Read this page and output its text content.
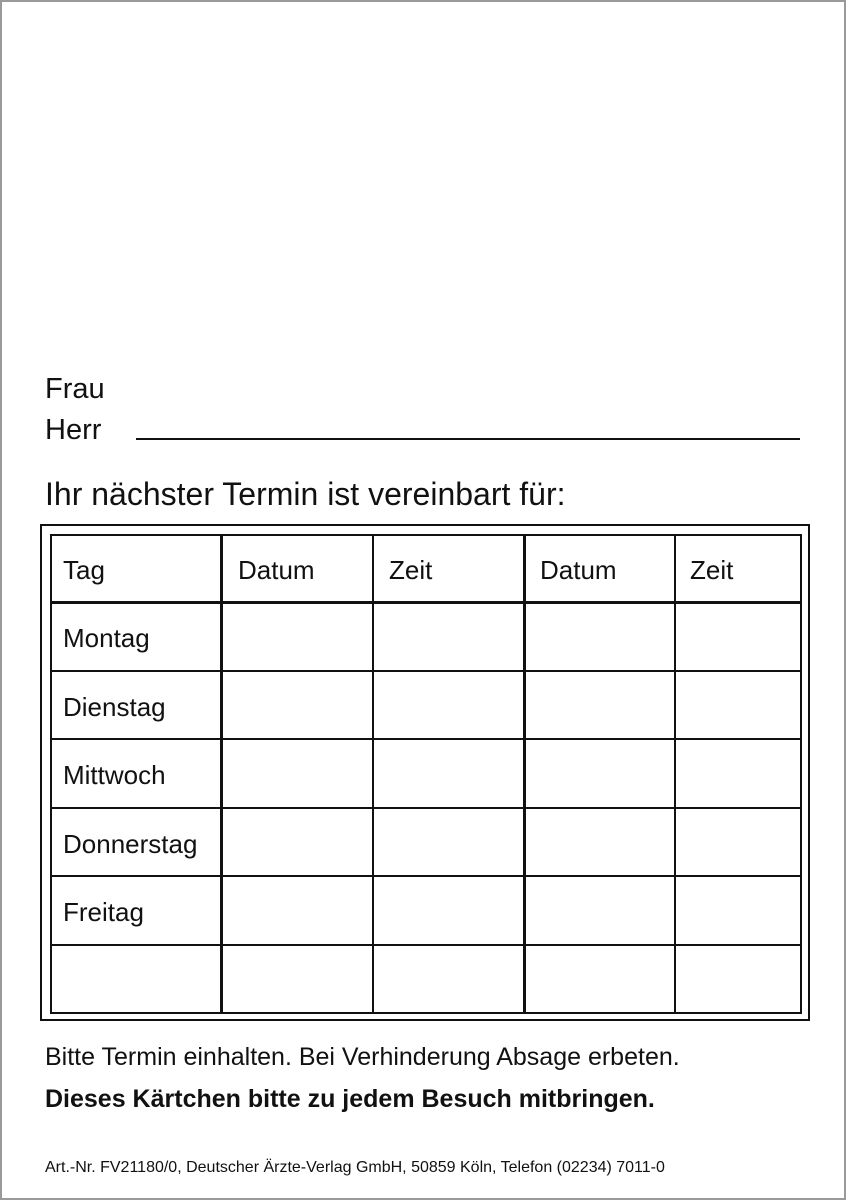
Frau
Herr
Ihr nächster Termin ist vereinbart für:
Tag	Datum	Zeit	Datum	Zeit
Montag
Dienstag
Mittwoch
Donnerstag
Freitag
Bitte Termin einhalten. Bei Verhinderung Absage erbeten.
Dieses Kärtchen bitte zu jedem Besuch mitbringen.
Art.-Nr. FV21180/0, Deutscher Ärzte-Verlag GmbH, 50859 Köln, Telefon (02234) 7011-0
